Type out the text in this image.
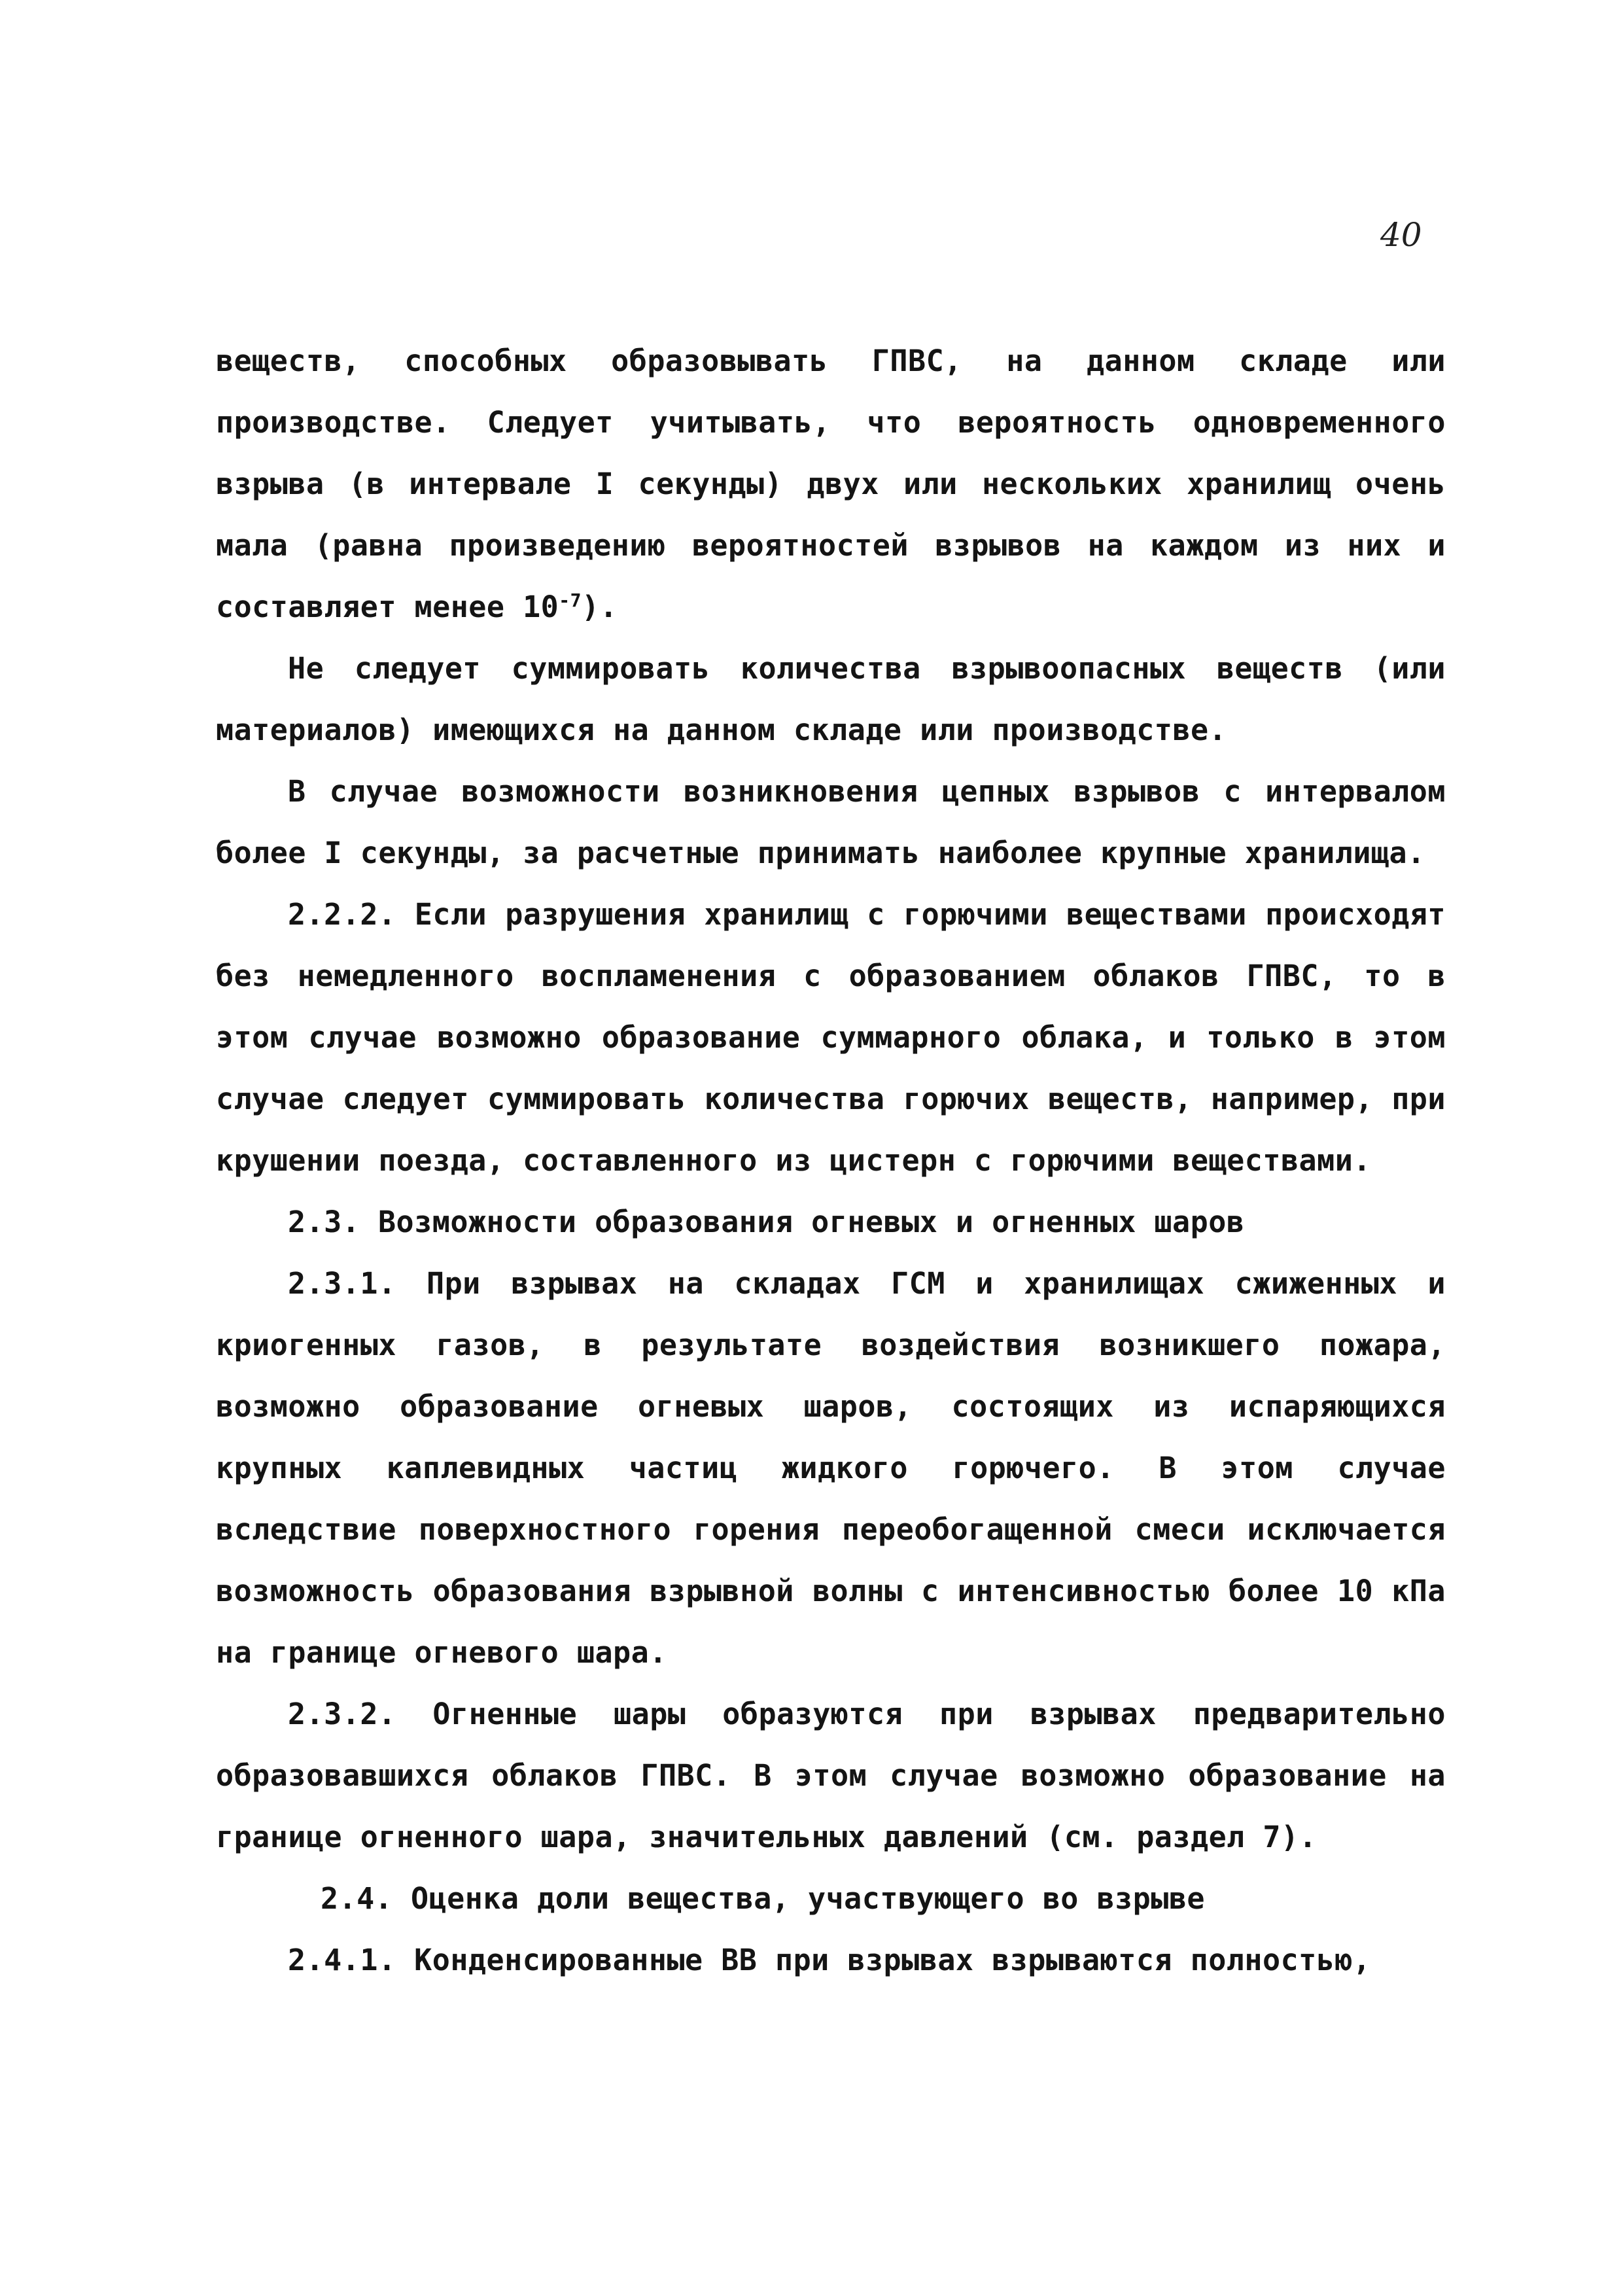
40

веществ, способных образовывать ГПВС, на данном складе или производстве. Следует учитывать, что вероятность одновременного взрыва (в интервале I секунды) двух или нескольких хранилищ очень мала (равна произведению вероятностей взрывов на каждом из них и составляет менее $10^{-7}$).

Не следует суммировать количества взрывоопасных веществ (или материалов) имеющихся на данном складе или производстве.

В случае возможности возникновения цепных взрывов с интервалом более I секунды, за расчетные принимать наиболее крупные хранилища.

2.2.2. Если разрушения хранилищ с горючими веществами происходят без немедленного воспламенения с образованием облаков ГПВС, то в этом случае возможно образование суммарного облака, и только в этом случае следует суммировать количества горючих веществ, например, при крушении поезда, составленного из цистерн с горючими веществами.

2.3. Возможности образования огневых и огненных шаров

2.3.1. При взрывах на складах ГСМ и хранилищах сжиженных и криогенных газов, в результате воздействия возникшего пожара, возможно образование огневых шаров, состоящих из испаряющихся крупных каплевидных частиц жидкого горючего. В этом случае вследствие поверхностного горения переобогащенной смеси исключается возможность образования взрывной волны с интенсивностью более 10 кПа на границе огневого шара.

2.3.2. Огненные шары образуются при взрывах предварительно образовавшихся облаков ГПВС. В этом случае возможно образование на границе огненного шара, значительных давлений (см. раздел 7).

2.4. Оценка доли вещества, участвующего во взрыве

2.4.1. Конденсированные ВВ при взрывах взрываются полностью,
